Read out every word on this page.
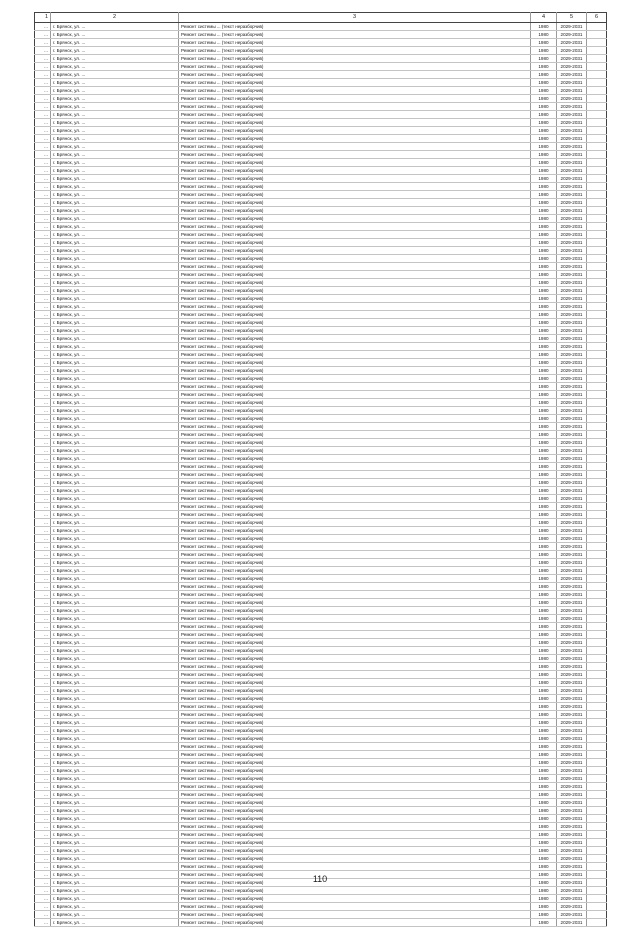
1	2	3	4	5	6
...	г. Брянск, ул. ...	Ремонт системы ... (текст неразборчив)	1980	2029-2031	
...	г. Брянск, ул. ...	Ремонт системы ... (текст неразборчив)	1980	2029-2031	
...	г. Брянск, ул. ...	Ремонт системы ... (текст неразборчив)	1980	2029-2031	
...	г. Брянск, ул. ...	Ремонт системы ... (текст неразборчив)	1980	2029-2031	
...	г. Брянск, ул. ...	Ремонт системы ... (текст неразборчив)	1980	2029-2031	
...	г. Брянск, ул. ...	Ремонт системы ... (текст неразборчив)	1980	2029-2031	
...	г. Брянск, ул. ...	Ремонт системы ... (текст неразборчив)	1980	2029-2031	
...	г. Брянск, ул. ...	Ремонт системы ... (текст неразборчив)	1980	2029-2031	
...	г. Брянск, ул. ...	Ремонт системы ... (текст неразборчив)	1980	2029-2031	
...	г. Брянск, ул. ...	Ремонт системы ... (текст неразборчив)	1980	2029-2031	
...	г. Брянск, ул. ...	Ремонт системы ... (текст неразборчив)	1980	2029-2031	
...	г. Брянск, ул. ...	Ремонт системы ... (текст неразборчив)	1980	2029-2031	
...	г. Брянск, ул. ...	Ремонт системы ... (текст неразборчив)	1980	2029-2031	
...	г. Брянск, ул. ...	Ремонт системы ... (текст неразборчив)	1980	2029-2031	
...	г. Брянск, ул. ...	Ремонт системы ... (текст неразборчив)	1980	2029-2031	
...	г. Брянск, ул. ...	Ремонт системы ... (текст неразборчив)	1980	2029-2031	
...	г. Брянск, ул. ...	Ремонт системы ... (текст неразборчив)	1980	2029-2031	
...	г. Брянск, ул. ...	Ремонт системы ... (текст неразборчив)	1980	2029-2031	
...	г. Брянск, ул. ...	Ремонт системы ... (текст неразборчив)	1980	2029-2031	
...	г. Брянск, ул. ...	Ремонт системы ... (текст неразборчив)	1980	2029-2031	
...	г. Брянск, ул. ...	Ремонт системы ... (текст неразборчив)	1980	2029-2031	
...	г. Брянск, ул. ...	Ремонт системы ... (текст неразборчив)	1980	2029-2031	
...	г. Брянск, ул. ...	Ремонт системы ... (текст неразборчив)	1980	2029-2031	
...	г. Брянск, ул. ...	Ремонт системы ... (текст неразборчив)	1980	2029-2031	
...	г. Брянск, ул. ...	Ремонт системы ... (текст неразборчив)	1980	2029-2031	
...	г. Брянск, ул. ...	Ремонт системы ... (текст неразборчив)	1980	2029-2031	
...	г. Брянск, ул. ...	Ремонт системы ... (текст неразборчив)	1980	2029-2031	
...	г. Брянск, ул. ...	Ремонт системы ... (текст неразборчив)	1980	2029-2031	
...	г. Брянск, ул. ...	Ремонт системы ... (текст неразборчив)	1980	2029-2031	
...	г. Брянск, ул. ...	Ремонт системы ... (текст неразборчив)	1980	2029-2031	
...	г. Брянск, ул. ...	Ремонт системы ... (текст неразборчив)	1980	2029-2031	
...	г. Брянск, ул. ...	Ремонт системы ... (текст неразборчив)	1980	2029-2031	
...	г. Брянск, ул. ...	Ремонт системы ... (текст неразборчив)	1980	2029-2031	
...	г. Брянск, ул. ...	Ремонт системы ... (текст неразборчив)	1980	2029-2031	
...	г. Брянск, ул. ...	Ремонт системы ... (текст неразборчив)	1980	2029-2031	
...	г. Брянск, ул. ...	Ремонт системы ... (текст неразборчив)	1980	2029-2031	
...	г. Брянск, ул. ...	Ремонт системы ... (текст неразборчив)	1980	2029-2031	
...	г. Брянск, ул. ...	Ремонт системы ... (текст неразборчив)	1980	2029-2031	
...	г. Брянск, ул. ...	Ремонт системы ... (текст неразборчив)	1980	2029-2031	
...	г. Брянск, ул. ...	Ремонт системы ... (текст неразборчив)	1980	2029-2031	
...	г. Брянск, ул. ...	Ремонт системы ... (текст неразборчив)	1980	2029-2031	
...	г. Брянск, ул. ...	Ремонт системы ... (текст неразборчив)	1980	2029-2031	
...	г. Брянск, ул. ...	Ремонт системы ... (текст неразборчив)	1980	2029-2031	
...	г. Брянск, ул. ...	Ремонт системы ... (текст неразборчив)	1980	2029-2031	
...	г. Брянск, ул. ...	Ремонт системы ... (текст неразборчив)	1980	2029-2031	
...	г. Брянск, ул. ...	Ремонт системы ... (текст неразборчив)	1980	2029-2031	
...	г. Брянск, ул. ...	Ремонт системы ... (текст неразборчив)	1980	2029-2031	
...	г. Брянск, ул. ...	Ремонт системы ... (текст неразборчив)	1980	2029-2031	
...	г. Брянск, ул. ...	Ремонт системы ... (текст неразборчив)	1980	2029-2031	
...	г. Брянск, ул. ...	Ремонт системы ... (текст неразборчив)	1980	2029-2031	
...	г. Брянск, ул. ...	Ремонт системы ... (текст неразборчив)	1980	2029-2031	
...	г. Брянск, ул. ...	Ремонт системы ... (текст неразборчив)	1980	2029-2031	
...	г. Брянск, ул. ...	Ремонт системы ... (текст неразборчив)	1980	2029-2031	
...	г. Брянск, ул. ...	Ремонт системы ... (текст неразборчив)	1980	2029-2031	
...	г. Брянск, ул. ...	Ремонт системы ... (текст неразборчив)	1980	2029-2031	
...	г. Брянск, ул. ...	Ремонт системы ... (текст неразборчив)	1980	2029-2031	
...	г. Брянск, ул. ...	Ремонт системы ... (текст неразборчив)	1980	2029-2031	
...	г. Брянск, ул. ...	Ремонт системы ... (текст неразборчив)	1980	2029-2031	
...	г. Брянск, ул. ...	Ремонт системы ... (текст неразборчив)	1980	2029-2031	
...	г. Брянск, ул. ...	Ремонт системы ... (текст неразборчив)	1980	2029-2031	
...	г. Брянск, ул. ...	Ремонт системы ... (текст неразборчив)	1980	2029-2031	
...	г. Брянск, ул. ...	Ремонт системы ... (текст неразборчив)	1980	2029-2031	
...	г. Брянск, ул. ...	Ремонт системы ... (текст неразборчив)	1980	2029-2031	
...	г. Брянск, ул. ...	Ремонт системы ... (текст неразборчив)	1980	2029-2031	
...	г. Брянск, ул. ...	Ремонт системы ... (текст неразборчив)	1980	2029-2031	
...	г. Брянск, ул. ...	Ремонт системы ... (текст неразборчив)	1980	2029-2031	
...	г. Брянск, ул. ...	Ремонт системы ... (текст неразборчив)	1980	2029-2031	
...	г. Брянск, ул. ...	Ремонт системы ... (текст неразборчив)	1980	2029-2031	
...	г. Брянск, ул. ...	Ремонт системы ... (текст неразборчив)	1980	2029-2031	
...	г. Брянск, ул. ...	Ремонт системы ... (текст неразборчив)	1980	2029-2031	
...	г. Брянск, ул. ...	Ремонт системы ... (текст неразборчив)	1980	2029-2031	
...	г. Брянск, ул. ...	Ремонт системы ... (текст неразборчив)	1980	2029-2031	
...	г. Брянск, ул. ...	Ремонт системы ... (текст неразборчив)	1980	2029-2031	
...	г. Брянск, ул. ...	Ремонт системы ... (текст неразборчив)	1980	2029-2031	
...	г. Брянск, ул. ...	Ремонт системы ... (текст неразборчив)	1980	2029-2031	
...	г. Брянск, ул. ...	Ремонт системы ... (текст неразборчив)	1980	2029-2031	
...	г. Брянск, ул. ...	Ремонт системы ... (текст неразборчив)	1980	2029-2031	
...	г. Брянск, ул. ...	Ремонт системы ... (текст неразборчив)	1980	2029-2031	
...	г. Брянск, ул. ...	Ремонт системы ... (текст неразборчив)	1980	2029-2031	
...	г. Брянск, ул. ...	Ремонт системы ... (текст неразборчив)	1980	2029-2031	
...	г. Брянск, ул. ...	Ремонт системы ... (текст неразборчив)	1980	2029-2031	
...	г. Брянск, ул. ...	Ремонт системы ... (текст неразборчив)	1980	2029-2031	
...	г. Брянск, ул. ...	Ремонт системы ... (текст неразборчив)	1980	2029-2031	
...	г. Брянск, ул. ...	Ремонт системы ... (текст неразборчив)	1980	2029-2031	
...	г. Брянск, ул. ...	Ремонт системы ... (текст неразборчив)	1980	2029-2031	
...	г. Брянск, ул. ...	Ремонт системы ... (текст неразборчив)	1980	2029-2031	
...	г. Брянск, ул. ...	Ремонт системы ... (текст неразборчив)	1980	2029-2031	
...	г. Брянск, ул. ...	Ремонт системы ... (текст неразборчив)	1980	2029-2031	
...	г. Брянск, ул. ...	Ремонт системы ... (текст неразборчив)	1980	2029-2031	
...	г. Брянск, ул. ...	Ремонт системы ... (текст неразборчив)	1980	2029-2031	
...	г. Брянск, ул. ...	Ремонт системы ... (текст неразборчив)	1980	2029-2031	
...	г. Брянск, ул. ...	Ремонт системы ... (текст неразборчив)	1980	2029-2031	
...	г. Брянск, ул. ...	Ремонт системы ... (текст неразборчив)	1980	2029-2031	
...	г. Брянск, ул. ...	Ремонт системы ... (текст неразборчив)	1980	2029-2031	
...	г. Брянск, ул. ...	Ремонт системы ... (текст неразборчив)	1980	2029-2031	
...	г. Брянск, ул. ...	Ремонт системы ... (текст неразборчив)	1980	2029-2031	
...	г. Брянск, ул. ...	Ремонт системы ... (текст неразборчив)	1980	2029-2031	
...	г. Брянск, ул. ...	Ремонт системы ... (текст неразборчив)	1980	2029-2031	
...	г. Брянск, ул. ...	Ремонт системы ... (текст неразборчив)	1980	2029-2031	
...	г. Брянск, ул. ...	Ремонт системы ... (текст неразборчив)	1980	2029-2031	
...	г. Брянск, ул. ...	Ремонт системы ... (текст неразборчив)	1980	2029-2031	
...	г. Брянск, ул. ...	Ремонт системы ... (текст неразборчив)	1980	2029-2031	
...	г. Брянск, ул. ...	Ремонт системы ... (текст неразборчив)	1980	2029-2031	
...	г. Брянск, ул. ...	Ремонт системы ... (текст неразборчив)	1980	2029-2031	
...	г. Брянск, ул. ...	Ремонт системы ... (текст неразборчив)	1980	2029-2031	
...	г. Брянск, ул. ...	Ремонт системы ... (текст неразборчив)	1980	2029-2031	
...	г. Брянск, ул. ...	Ремонт системы ... (текст неразборчив)	1980	2029-2031	
...	г. Брянск, ул. ...	Ремонт системы ... (текст неразборчив)	1980	2029-2031	
...	г. Брянск, ул. ...	Ремонт системы ... (текст неразборчив)	1980	2029-2031	
...	г. Брянск, ул. ...	Ремонт системы ... (текст неразборчив)	1980	2029-2031	
...	г. Брянск, ул. ...	Ремонт системы ... (текст неразборчив)	1980	2029-2031	
...	г. Брянск, ул. ...	Ремонт системы ... (текст неразборчив)	1980	2029-2031	
...	г. Брянск, ул. ...	Ремонт системы ... (текст неразборчив)	1980	2029-2031	
110
